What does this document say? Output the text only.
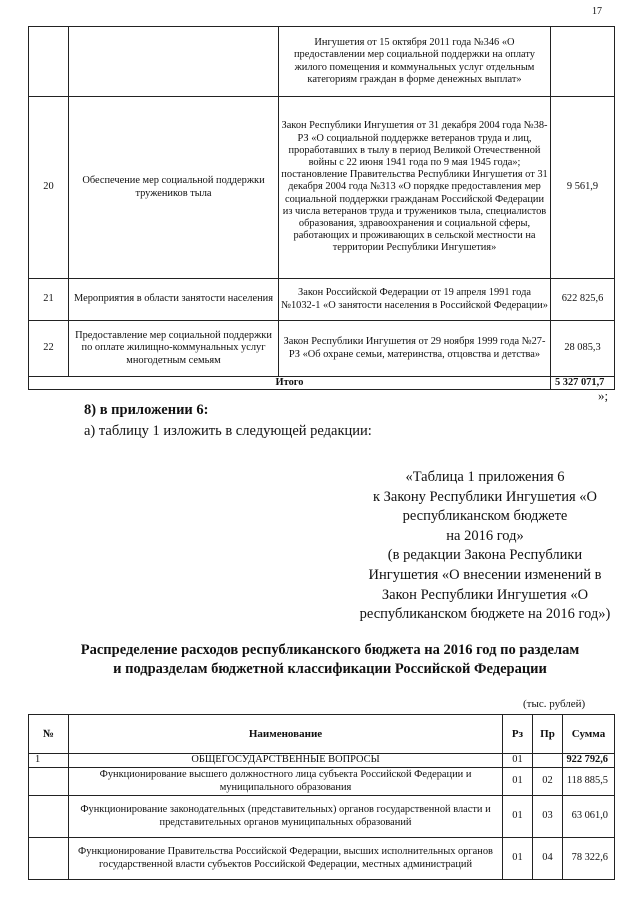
17
		Ингушетия от 15 октября 2011 года №346 «О предоставлении мер социальной поддержки на оплату жилого помещения и коммунальных услуг отдельным категориям граждан в форме денежных выплат»	
20	Обеспечение мер социальной поддержки тружеников тыла	Закон Республики Ингушетия от 31 декабря 2004 года №38-РЗ «О социальной поддержке ветеранов труда и лиц, проработавших в тылу в период Великой Отечественной войны с 22 июня 1941 года по 9 мая 1945 года»; постановление Правительства Республики Ингушетия от 31 декабря 2004 года №313 «О порядке предоставления мер социальной поддержки гражданам Российской Федерации из числа ветеранов труда и тружеников тыла, специалистов образования, здравоохранения и социальной сферы, работающих и проживающих в сельской местности на территории Республики Ингушетия»	9 561,9
21	Мероприятия в области занятости населения	Закон Российской Федерации от 19 апреля 1991 года №1032-1 «О занятости населения в Российской Федерации»	622 825,6
22	Предоставление мер социальной поддержки по оплате жилищно-коммунальных услуг многодетным семьям	Закон Республики Ингушетия от 29 ноября 1999 года №27-РЗ «Об охране семьи, материнства, отцовства и детства»	28 085,3
Итого			5 327 071,7
»;

8) в приложении 6:

а) таблицу 1 изложить в следующей редакции:

«Таблица 1 приложения 6
к Закону Республики Ингушетия «О
республиканском бюджете
на 2016 год»
(в редакции Закона Республики
Ингушетия «О внесении изменений в
Закон Республики Ингушетия «О
республиканском бюджете на 2016 год»)
Распределение расходов республиканского бюджета на 2016 год по разделам
и подразделам бюджетной классификации Российской Федерации
(тыс. рублей)
№	Наименование	Рз	Пр	Сумма
1	ОБЩЕГОСУДАРСТВЕННЫЕ ВОПРОСЫ	01		922 792,6
	Функционирование высшего должностного лица субъекта Российской Федерации и муниципального образования	01	02	118 885,5
	Функционирование законодательных (представительных) органов государственной власти и представительных органов муниципальных образований	01	03	63 061,0
	Функционирование Правительства Российской Федерации, высших исполнительных органов государственной власти субъектов Российской Федерации, местных администраций	01	04	78 322,6
